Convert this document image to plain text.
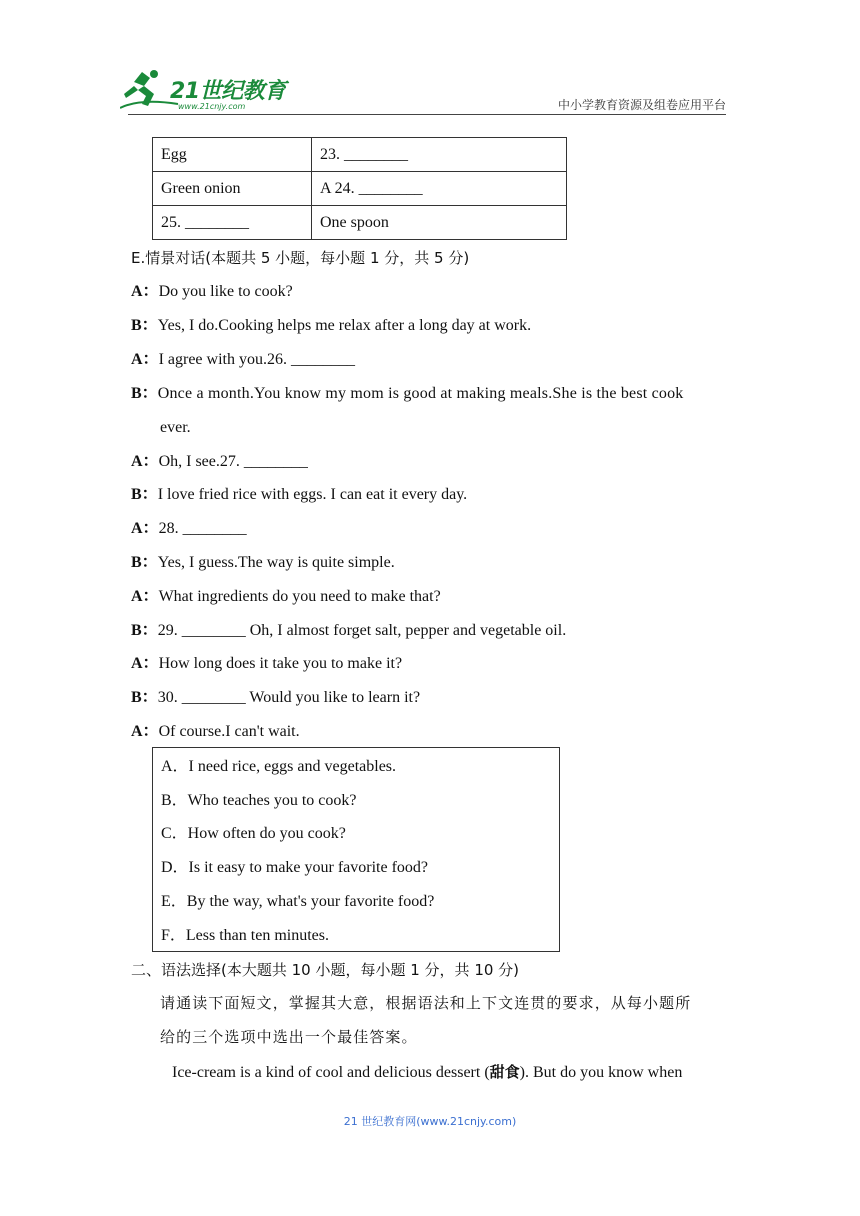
21世纪教育
www.21cnjy.com	中小学教育资源及组卷应用平台
Egg	23. ________
Green onion	A 24. ________
25. ________	One spoon
E.情景对话(本题共 5 小题，每小题 1 分，共 5 分)
A：Do you like to cook?
B：Yes, I do.Cooking helps me relax after a long day at work.
A：I agree with you.26. ________
B：Once a month.You know my mom is good at making meals.She is the best cook
ever.
A：Oh, I see.27. ________
B：I love fried rice with eggs. I can eat it every day.
A：28. ________
B：Yes, I guess.The way is quite simple.
A：What ingredients do you need to make that?
B：29. ________ Oh, I almost forget salt, pepper and vegetable oil.
A：How long does it take you to make it?
B：30. ________ Would you like to learn it?
A：Of course.I can't wait.
A．I need rice, eggs and vegetables.
B．Who teaches you to cook?
C．How often do you cook?
D．Is it easy to make your favorite food?
E．By the way, what's your favorite food?
F．Less than ten minutes.
二、语法选择(本大题共 10 小题，每小题 1 分，共 10 分)
请通读下面短文，掌握其大意，根据语法和上下文连贯的要求，从每小题所
给的三个选项中选出一个最佳答案。
Ice-cream is a kind of cool and delicious dessert (甜食). But do you know when
21 世纪教育网(www.21cnjy.com)
